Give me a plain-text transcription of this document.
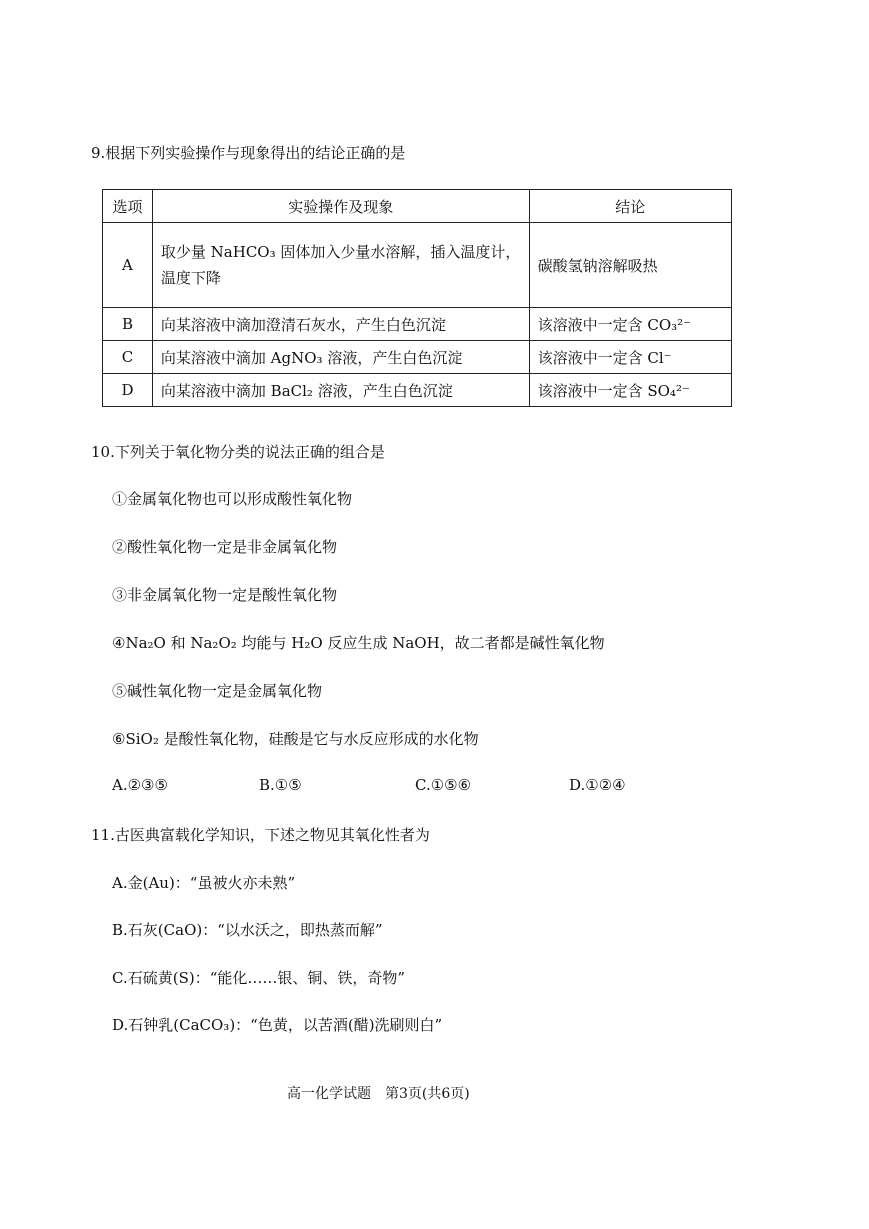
9.根据下列实验操作与现象得出的结论正确的是
选项	实验操作及现象	结论
A	取少量 NaHCO₃ 固体加入少量水溶解，插入温度计，温度下降	碳酸氢钠溶解吸热
B	向某溶液中滴加澄清石灰水，产生白色沉淀	该溶液中一定含 CO₃²⁻
C	向某溶液中滴加 AgNO₃ 溶液，产生白色沉淀	该溶液中一定含 Cl⁻
D	向某溶液中滴加 BaCl₂ 溶液，产生白色沉淀	该溶液中一定含 SO₄²⁻
10.下列关于氧化物分类的说法正确的组合是
①金属氧化物也可以形成酸性氧化物
②酸性氧化物一定是非金属氧化物
③非金属氧化物一定是酸性氧化物
④Na₂O 和 Na₂O₂ 均能与 H₂O 反应生成 NaOH，故二者都是碱性氧化物
⑤碱性氧化物一定是金属氧化物
⑥SiO₂ 是酸性氧化物，硅酸是它与水反应形成的水化物
A.②③⑤	B.①⑤	C.①⑤⑥	D.①②④
11.古医典富载化学知识，下述之物见其氧化性者为
A.金(Au)：“虽被火亦未熟”
B.石灰(CaO)：“以水沃之，即热蒸而解”
C.石硫黄(S)：“能化……银、铜、铁，奇物”
D.石钟乳(CaCO₃)：“色黄，以苦酒(醋)洗刷则白”
高一化学试题　第3页(共6页)
